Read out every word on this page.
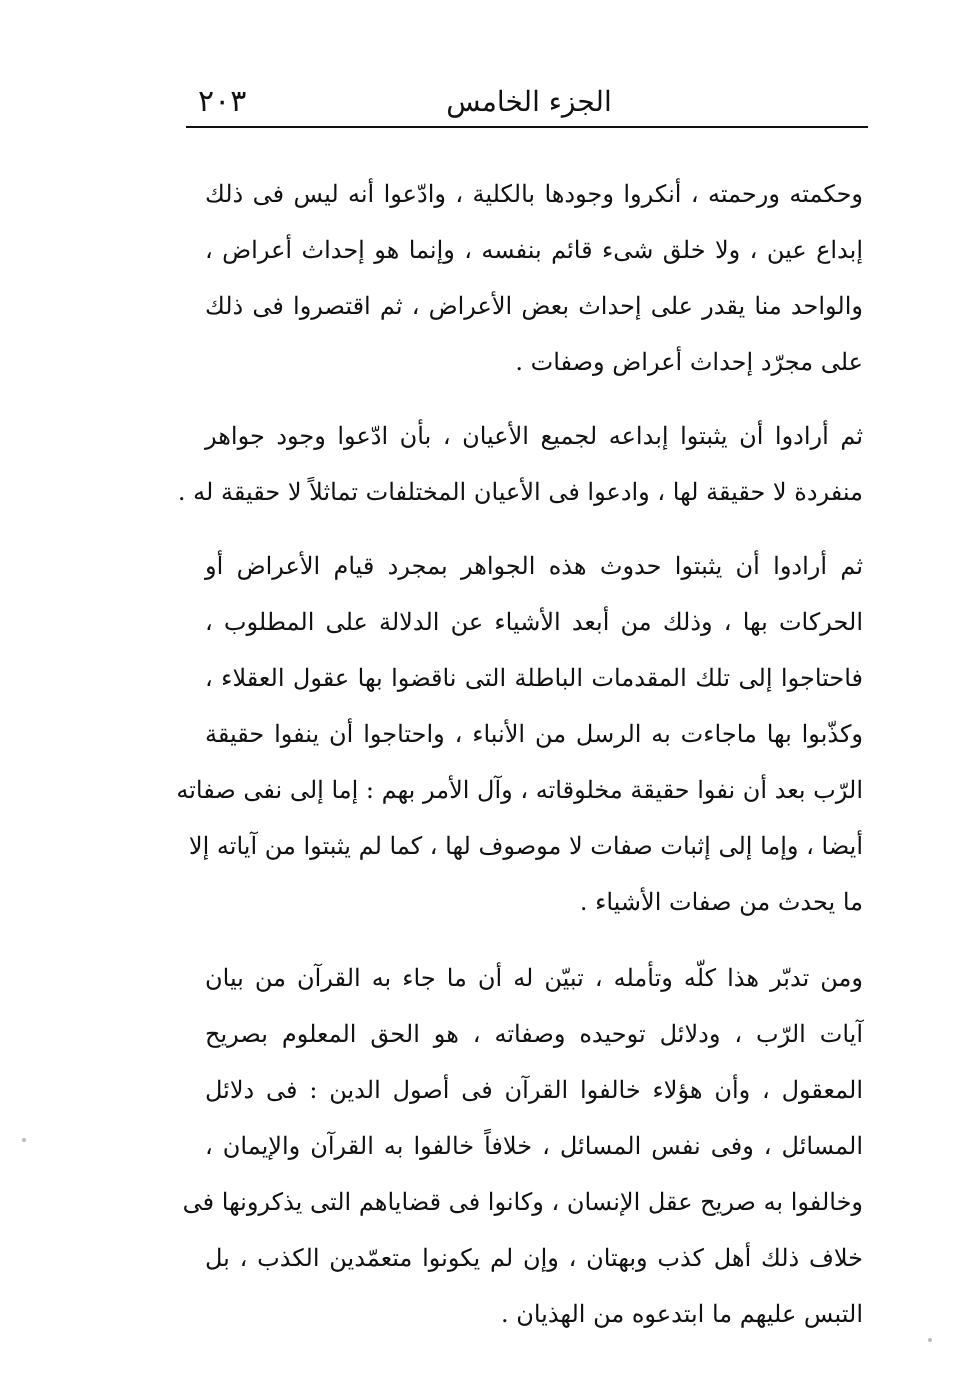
٢٠٣	الجزء الخامس

وحكمته ورحمته ، أنكروا وجودها بالكلية ، وادّعوا أنه ليس فى ذلك
إبداع عين ، ولا خلق شىء قائم بنفسه ، وإنما هو إحداث أعراض ،
والواحد منا يقدر على إحداث بعض الأعراض ، ثم اقتصروا فى ذلك
على مجرّد إحداث أعراض وصفات .

ثم أرادوا أن يثبتوا إبداعه لجميع الأعيان ، بأن ادّعوا وجود جواهر
منفردة لا حقيقة لها ، وادعوا فى الأعيان المختلفات تماثلاً لا حقيقة له .

ثم أرادوا أن يثبتوا حدوث هذه الجواهر بمجرد قيام الأعراض أو
الحركات بها ، وذلك من أبعد الأشياء عن الدلالة على المطلوب ،
فاحتاجوا إلى تلك المقدمات الباطلة التى ناقضوا بها عقول العقلاء ،
وكذّبوا بها ماجاءت به الرسل من الأنباء ، واحتاجوا أن ينفوا حقيقة
الرّب بعد أن نفوا حقيقة مخلوقاته ، وآل الأمر بهم : إما إلى نفى صفاته
أيضا ، وإما إلى إثبات صفات لا موصوف لها ، كما لم يثبتوا من آياته إلا
ما يحدث من صفات الأشياء .

ومن تدبّر هذا كلّه وتأمله ، تبيّن له أن ما جاء به القرآن من بيان
آيات الرّب ، ودلائل توحيده وصفاته ، هو الحق المعلوم بصريح
المعقول ، وأن هؤلاء خالفوا القرآن فى أصول الدين : فى دلائل
المسائل ، وفى نفس المسائل ، خلافاً خالفوا به القرآن والإيمان ،
وخالفوا به صريح عقل الإنسان ، وكانوا فى قضاياهم التى يذكرونها فى
خلاف ذلك أهل كذب وبهتان ، وإن لم يكونوا متعمّدين الكذب ، بل
التبس عليهم ما ابتدعوه من الهذيان .
